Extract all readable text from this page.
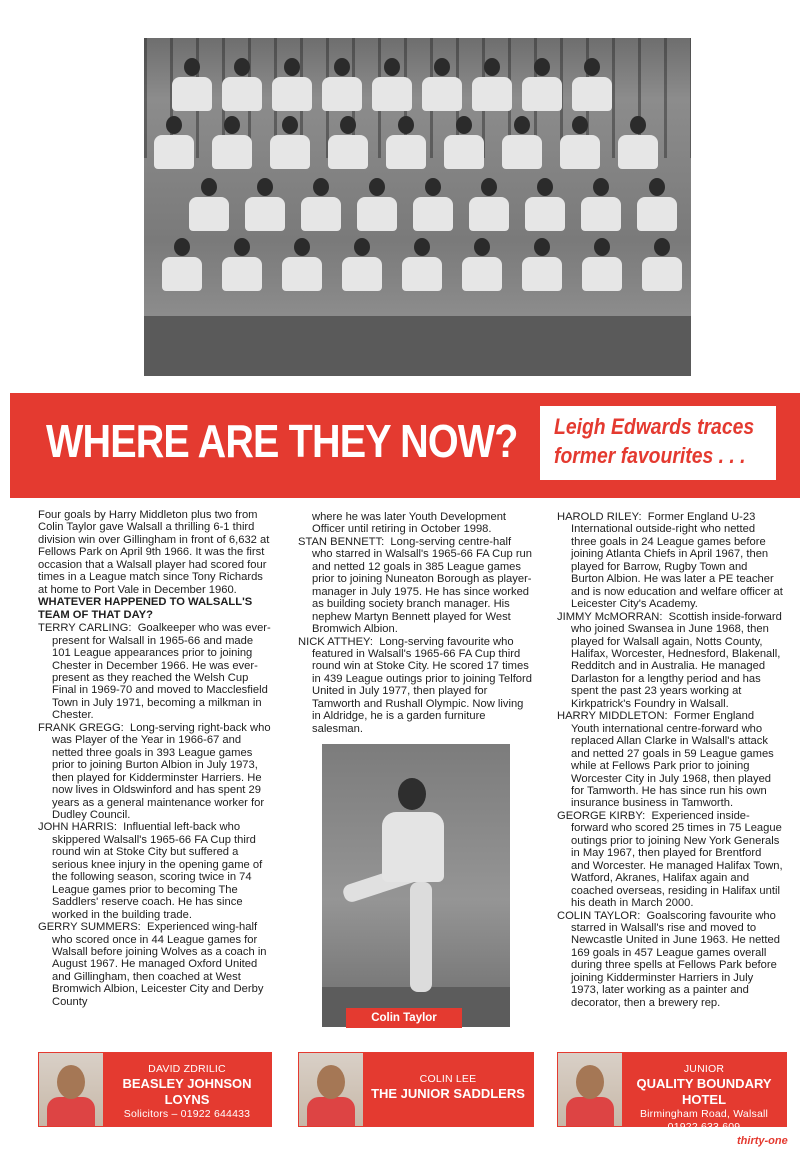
WHERE ARE THEY NOW? Leigh Edwards traces
former favourites . . .

Four goals by Harry Middleton plus two from Colin Taylor gave Walsall a thrilling 6-1 third division win over Gillingham in front of 6,632 at Fellows Park on April 9th 1966. It was the first occasion that a Walsall player had scored four times in a League match since Tony Richards at home to Port Vale in December 1960.

WHATEVER HAPPENED TO WALSALL'S TEAM OF THAT DAY?

TERRY CARLING: Goalkeeper who was ever-present for Walsall in 1965-66 and made 101 League appearances prior to joining Chester in December 1966. He was ever-present as they reached the Welsh Cup Final in 1969-70 and moved to Macclesfield Town in July 1971, becoming a milkman in Chester.

FRANK GREGG: Long-serving right-back who was Player of the Year in 1966-67 and netted three goals in 393 League games prior to joining Burton Albion in July 1973, then played for Kidderminster Harriers. He now lives in Oldswinford and has spent 29 years as a general maintenance worker for Dudley Council.

JOHN HARRIS: Influential left-back who skippered Walsall's 1965-66 FA Cup third round win at Stoke City but suffered a serious knee injury in the opening game of the following season, scoring twice in 74 League games prior to becoming The Saddlers' reserve coach. He has since worked in the building trade.

GERRY SUMMERS: Experienced wing-half who scored once in 44 League games for Walsall before joining Wolves as a coach in August 1967. He managed Oxford United and Gillingham, then coached at West Bromwich Albion, Leicester City and Derby County

where he was later Youth Development Officer until retiring in October 1998.

STAN BENNETT: Long-serving centre-half who starred in Walsall's 1965-66 FA Cup run and netted 12 goals in 385 League games prior to joining Nuneaton Borough as player-manager in July 1975. He has since worked as building society branch manager. His nephew Martyn Bennett played for West Bromwich Albion.

NICK ATTHEY: Long-serving favourite who featured in Walsall's 1965-66 FA Cup third round win at Stoke City. He scored 17 times in 439 League outings prior to joining Telford United in July 1977, then played for Tamworth and Rushall Olympic. Now living in Aldridge, he is a garden furniture salesman.

Colin Taylor

HAROLD RILEY: Former England U-23 International outside-right who netted three goals in 24 League games before joining Atlanta Chiefs in April 1967, then played for Barrow, Rugby Town and Burton Albion. He was later a PE teacher and is now education and welfare officer at Leicester City's Academy.

JIMMY McMORRAN: Scottish inside-forward who joined Swansea in June 1968, then played for Walsall again, Notts County, Halifax, Worcester, Hednesford, Blakenall, Redditch and in Australia. He managed Darlaston for a lengthy period and has spent the past 23 years working at Kirkpatrick's Foundry in Walsall.

HARRY MIDDLETON: Former England Youth international centre-forward who replaced Allan Clarke in Walsall's attack and netted 27 goals in 59 League games while at Fellows Park prior to joining Worcester City in July 1968, then played for Tamworth. He has since run his own insurance business in Tamworth.

GEORGE KIRBY: Experienced inside-forward who scored 25 times in 75 League outings prior to joining New York Generals in May 1967, then played for Brentford and Worcester. He managed Halifax Town, Watford, Akranes, Halifax again and coached overseas, residing in Halifax until his death in March 2000.

COLIN TAYLOR: Goalscoring favourite who starred in Walsall's rise and moved to Newcastle United in June 1963. He netted 169 goals in 457 League games overall during three spells at Fellows Park before joining Kidderminster Harriers in July 1973, later working as a painter and decorator, then a brewery rep.

DAVID ZDRILIC
BEASLEY JOHNSON
LOYNS
Solicitors – 01922 644433
COLIN LEE
THE JUNIOR SADDLERS
JUNIOR
QUALITY BOUNDARY HOTEL
Birmingham Road, Walsall
01922 633 609
thirty-one
